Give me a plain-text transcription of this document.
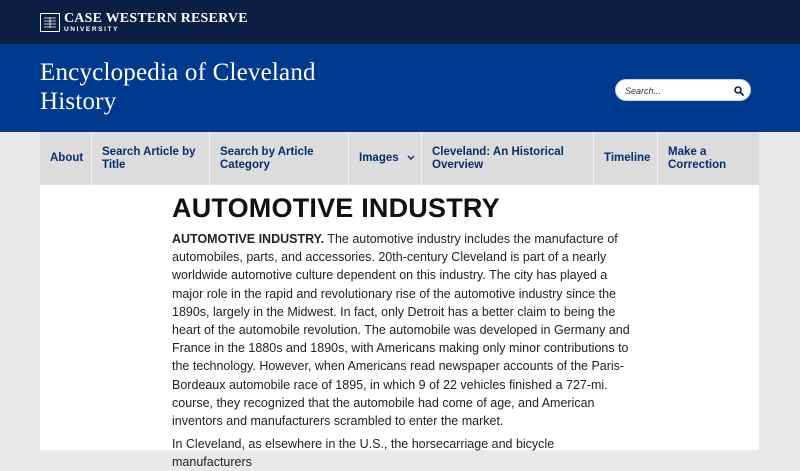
CASE WESTERN RESERVE
UNIVERSITY
Encyclopedia of Cleveland History
Search...
About
Search Article by Title
Search by Article Category
Images
Cleveland: An Historical Overview
Timeline
Make a Correction
AUTOMOTIVE INDUSTRY

AUTOMOTIVE INDUSTRY. The automotive industry includes the manufacture of automobiles, parts, and accessories. 20th-century Cleveland is part of a nearly worldwide automotive culture dependent on this industry. The city has played a major role in the rapid and revolutionary rise of the automotive industry since the 1890s, largely in the Midwest. In fact, only Detroit has a better claim to being the heart of the automobile revolution. The automobile was developed in Germany and France in the 1880s and 1890s, with Americans making only minor contributions to the technology. However, when Americans read newspaper accounts of the Paris-Bordeaux automobile race of 1895, in which 9 of 22 vehicles finished a 727-mi. course, they recognized that the automobile had come of age, and American inventors and manufacturers scrambled to enter the market.

In Cleveland, as elsewhere in the U.S., the horsecarriage and bicycle manufacturers
